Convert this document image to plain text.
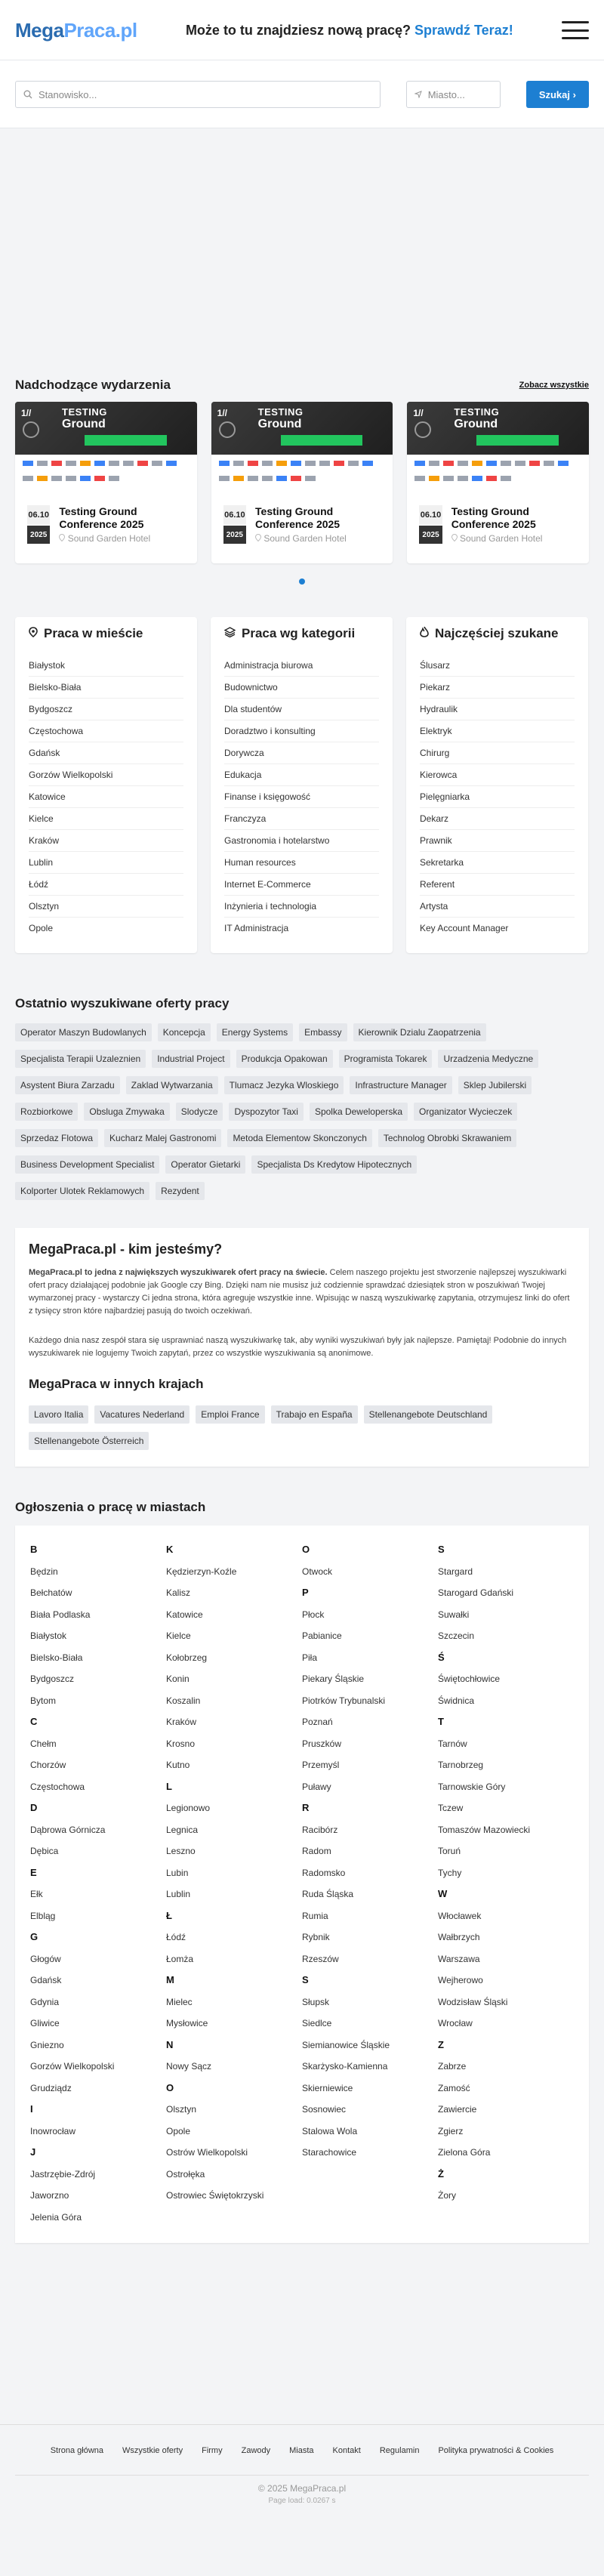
MegaPraca.pl	Może to tu znajdziesz nową pracę? Sprawdź Teraz!
Stanowisko...	Miasto...	Szukaj ›
Nadchodzące wydarzenia	Zobacz wszystkie
1//	TESTING
Ground
06.10
2025
Testing Ground Conference 2025
Sound Garden Hotel
1//	TESTING
Ground
06.10
2025
Testing Ground Conference 2025
Sound Garden Hotel
1//	TESTING
Ground
06.10
2025
Testing Ground Conference 2025
Sound Garden Hotel
Praca w mieście
Białystok
Bielsko-Biała
Bydgoszcz
Częstochowa
Gdańsk
Gorzów Wielkopolski
Katowice
Kielce
Kraków
Lublin
Łódź
Olsztyn
Opole
Praca wg kategorii
Administracja biurowa
Budownictwo
Dla studentów
Doradztwo i konsulting
Dorywcza
Edukacja
Finanse i księgowość
Franczyza
Gastronomia i hotelarstwo
Human resources
Internet E-Commerce
Inżynieria i technologia
IT Administracja
Najczęściej szukane
Ślusarz
Piekarz
Hydraulik
Elektryk
Chirurg
Kierowca
Pielęgniarka
Dekarz
Prawnik
Sekretarka
Referent
Artysta
Key Account Manager
Ostatnio wyszukiwane oferty pracy
Operator Maszyn Budowlanych	Koncepcja	Energy Systems	Embassy	Kierownik Dzialu Zaopatrzenia
Specjalista Terapii Uzaleznien	Industrial Project	Produkcja Opakowan	Programista Tokarek	Urzadzenia Medyczne
Asystent Biura Zarzadu	Zaklad Wytwarzania	Tlumacz Jezyka Wloskiego	Infrastructure Manager	Sklep Jubilerski
Rozbiorkowe	Obsluga Zmywaka	Slodycze	Dyspozytor Taxi	Spolka Deweloperska	Organizator Wycieczek
Sprzedaz Flotowa	Kucharz Malej Gastronomi	Metoda Elementow Skonczonych	Technolog Obrobki Skrawaniem
Business Development Specialist	Operator Gietarki	Specjalista Ds Kredytow Hipotecznych
Kolporter Ulotek Reklamowych	Rezydent
MegaPraca.pl - kim jesteśmy?

MegaPraca.pl to jedna z największych wyszukiwarek ofert pracy na świecie. Celem naszego projektu jest stworzenie najlepszej wyszukiwarki ofert pracy działającej podobnie jak Google czy Bing. Dzięki nam nie musisz już codziennie sprawdzać dziesiątek stron w poszukiwań Twojej wymarzonej pracy - wystarczy Ci jedna strona, która agreguje wszystkie inne. Wpisując w naszą wyszukiwarkę zapytania, otrzymujesz linki do ofert z tysięcy stron które najbardziej pasują do twoich oczekiwań.

Każdego dnia nasz zespół stara się usprawniać naszą wyszukiwarkę tak, aby wyniki wyszukiwań były jak najlepsze. Pamiętaj! Podobnie do innych wyszukiwarek nie logujemy Twoich zapytań, przez co wszystkie wyszukiwania są anonimowe.

MegaPraca w innych krajach
Lavoro Italia	Vacatures Nederland	Emploi France	Trabajo en España	Stellenangebote Deutschland
Stellenangebote Österreich
Ogłoszenia o pracę w miastach
B
Będzin
Bełchatów
Biała Podlaska
Białystok
Bielsko-Biała
Bydgoszcz
Bytom
C
Chełm
Chorzów
Częstochowa
D
Dąbrowa Górnicza
Dębica
E
Ełk
Elbląg
G
Głogów
Gdańsk
Gdynia
Gliwice
Gniezno
Gorzów Wielkopolski
Grudziądz
I
Inowrocław
J
Jastrzębie-Zdrój
Jaworzno
Jelenia Góra
K
Kędzierzyn-Koźle
Kalisz
Katowice
Kielce
Kołobrzeg
Konin
Koszalin
Kraków
Krosno
Kutno
L
Legionowo
Legnica
Leszno
Lubin
Lublin
Ł
Łódź
Łomża
M
Mielec
Mysłowice
N
Nowy Sącz
O
Olsztyn
Opole
Ostrów Wielkopolski
Ostrołęka
Ostrowiec Świętokrzyski
O
Otwock
P
Płock
Pabianice
Piła
Piekary Śląskie
Piotrków Trybunalski
Poznań
Pruszków
Przemyśl
Puławy
R
Racibórz
Radom
Radomsko
Ruda Śląska
Rumia
Rybnik
Rzeszów
S
Słupsk
Siedlce
Siemianowice Śląskie
Skarżysko-Kamienna
Skierniewice
Sosnowiec
Stalowa Wola
Starachowice
S
Stargard
Starogard Gdański
Suwałki
Szczecin
Ś
Świętochłowice
Świdnica
T
Tarnów
Tarnobrzeg
Tarnowskie Góry
Tczew
Tomaszów Mazowiecki
Toruń
Tychy
W
Włocławek
Wałbrzych
Warszawa
Wejherowo
Wodzisław Śląski
Wrocław
Z
Zabrze
Zamość
Zawiercie
Zgierz
Zielona Góra
Ż
Żory
Strona główna Wszystkie oferty Firmy Zawody Miasta Kontakt Regulamin Polityka prywatności & Cookies
© 2025 MegaPraca.pl
Page load: 0.0267 s
